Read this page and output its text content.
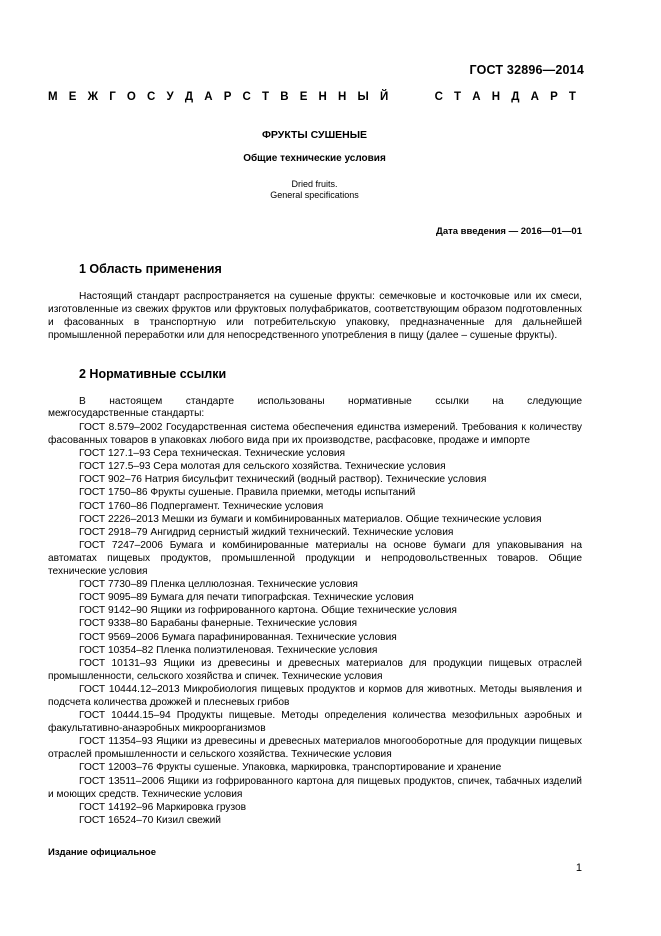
ГОСТ 32896—2014
М Е Ж Г О С У Д А Р С Т В Е Н Н Ы Й	С Т А Н Д А Р Т
ФРУКТЫ СУШЕНЫЕ
Общие технические условия
Dried fruits.
General specifications
Дата введения — 2016—01—01
1 Область применения

Настоящий стандарт распространяется на сушеные фрукты: семечковые и косточковые или их смеси, изготовленные из свежих фруктов или фруктовых полуфабрикатов, соответствующим образом подготовленных и фасованных в транспортную или потребительскую упаковку, предназначенные для дальнейшей промышленной переработки или для непосредственного употребления в пищу (далее – сушеные фрукты).

2 Нормативные ссылки

В настоящем стандарте использованы нормативные ссылки на следующие

межгосударственные стандарты:

ГОСТ 8.579–2002 Государственная система обеспечения единства измерений. Требования к количеству фасованных товаров в упаковках любого вида при их производстве, расфасовке, продаже и импорте

ГОСТ 127.1–93 Сера техническая. Технические условия

ГОСТ 127.5–93 Сера молотая для сельского хозяйства. Технические условия

ГОСТ 902–76 Натрия бисульфит технический (водный раствор). Технические условия

ГОСТ 1750–86 Фрукты сушеные. Правила приемки, методы испытаний

ГОСТ 1760–86 Подпергамент. Технические условия

ГОСТ 2226–2013 Мешки из бумаги и комбинированных материалов. Общие технические условия

ГОСТ 2918–79 Ангидрид сернистый жидкий технический. Технические условия

ГОСТ 7247–2006 Бумага и комбинированные материалы на основе бумаги для упаковывания на автоматах пищевых продуктов, промышленной продукции и непродовольственных товаров. Общие технические условия

ГОСТ 7730–89 Пленка целлюлозная. Технические условия

ГОСТ 9095–89 Бумага для печати типографская. Технические условия

ГОСТ 9142–90 Ящики из гофрированного картона. Общие технические условия

ГОСТ 9338–80 Барабаны фанерные. Технические условия

ГОСТ 9569–2006 Бумага парафинированная. Технические условия

ГОСТ 10354–82 Пленка полиэтиленовая. Технические условия

ГОСТ 10131–93 Ящики из древесины и древесных материалов для продукции пищевых отраслей промышленности, сельского хозяйства и спичек. Технические условия

ГОСТ 10444.12–2013 Микробиология пищевых продуктов и кормов для животных. Методы выявления и подсчета количества дрожжей и плесневых грибов

ГОСТ 10444.15–94 Продукты пищевые. Методы определения количества мезофильных аэробных и факультативно-анаэробных микроорганизмов

ГОСТ 11354–93 Ящики из древесины и древесных материалов многооборотные для продукции пищевых отраслей промышленности и сельского хозяйства. Технические условия

ГОСТ 12003–76 Фрукты сушеные. Упаковка, маркировка, транспортирование и хранение

ГОСТ 13511–2006 Ящики из гофрированного картона для пищевых продуктов, спичек, табачных изделий и моющих средств. Технические условия

ГОСТ 14192–96 Маркировка грузов

ГОСТ 16524–70 Кизил свежий

Издание официальное
1
